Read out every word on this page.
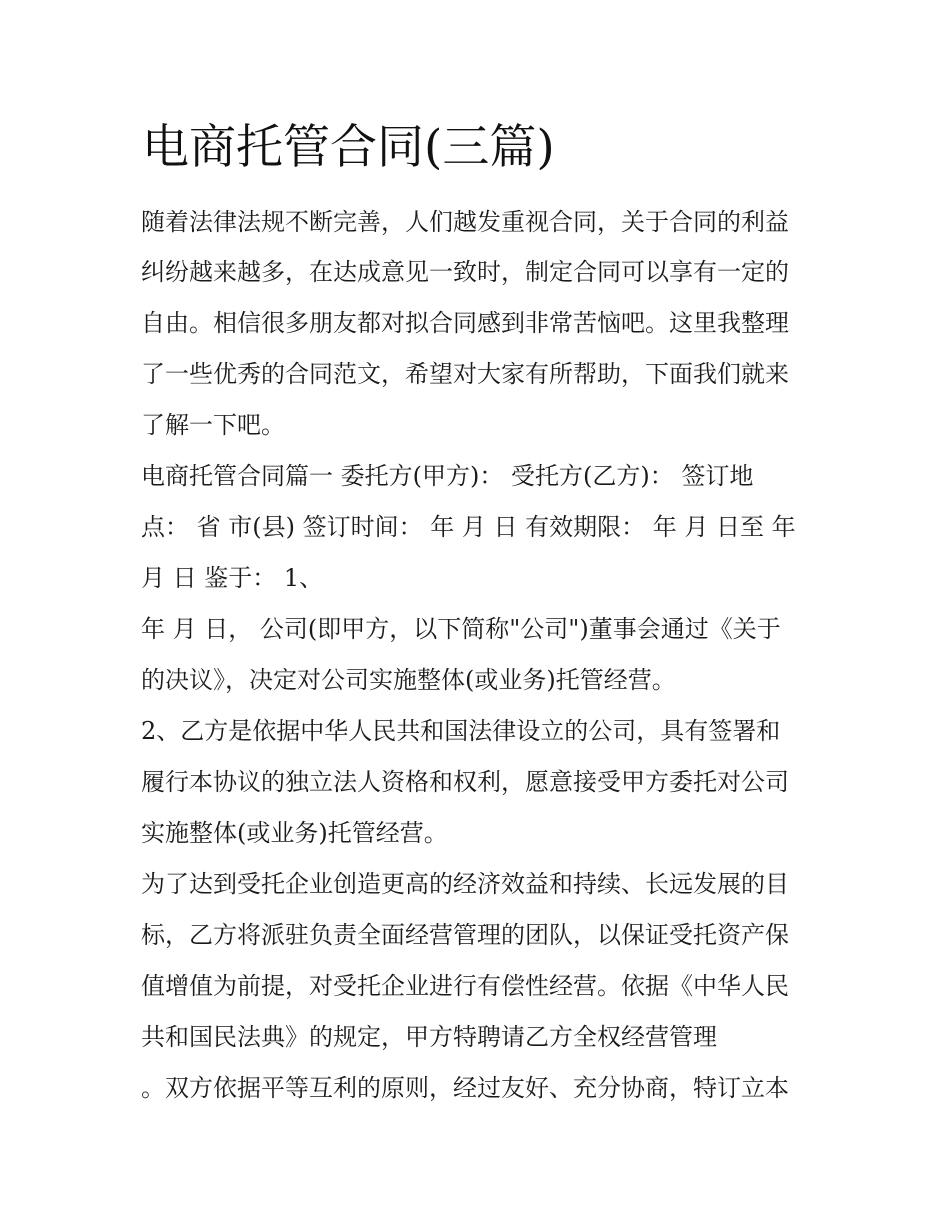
电商托管合同(三篇)
随着法律法规不断完善，人们越发重视合同，关于合同的利益
纠纷越来越多，在达成意见一致时，制定合同可以享有一定的
自由。相信很多朋友都对拟合同感到非常苦恼吧。这里我整理
了一些优秀的合同范文，希望对大家有所帮助，下面我们就来
了解一下吧。
电商托管合同篇一 委托方(甲方)： 受托方(乙方)： 签订地
点： 省 市(县) 签订时间： 年 月 日 有效期限： 年 月 日至 年
月 日 鉴于： 1、
年 月 日， 公司(即甲方，以下简称"公司")董事会通过《关于
的决议》，决定对公司实施整体(或业务)托管经营。
2、乙方是依据中华人民共和国法律设立的公司，具有签署和
履行本协议的独立法人资格和权利，愿意接受甲方委托对公司
实施整体(或业务)托管经营。
为了达到受托企业创造更高的经济效益和持续、长远发展的目
标，乙方将派驻负责全面经营管理的团队，以保证受托资产保
值增值为前提，对受托企业进行有偿性经营。依据《中华人民
共和国民法典》的规定，甲方特聘请乙方全权经营管理
。双方依据平等互利的原则，经过友好、充分协商，特订立本
